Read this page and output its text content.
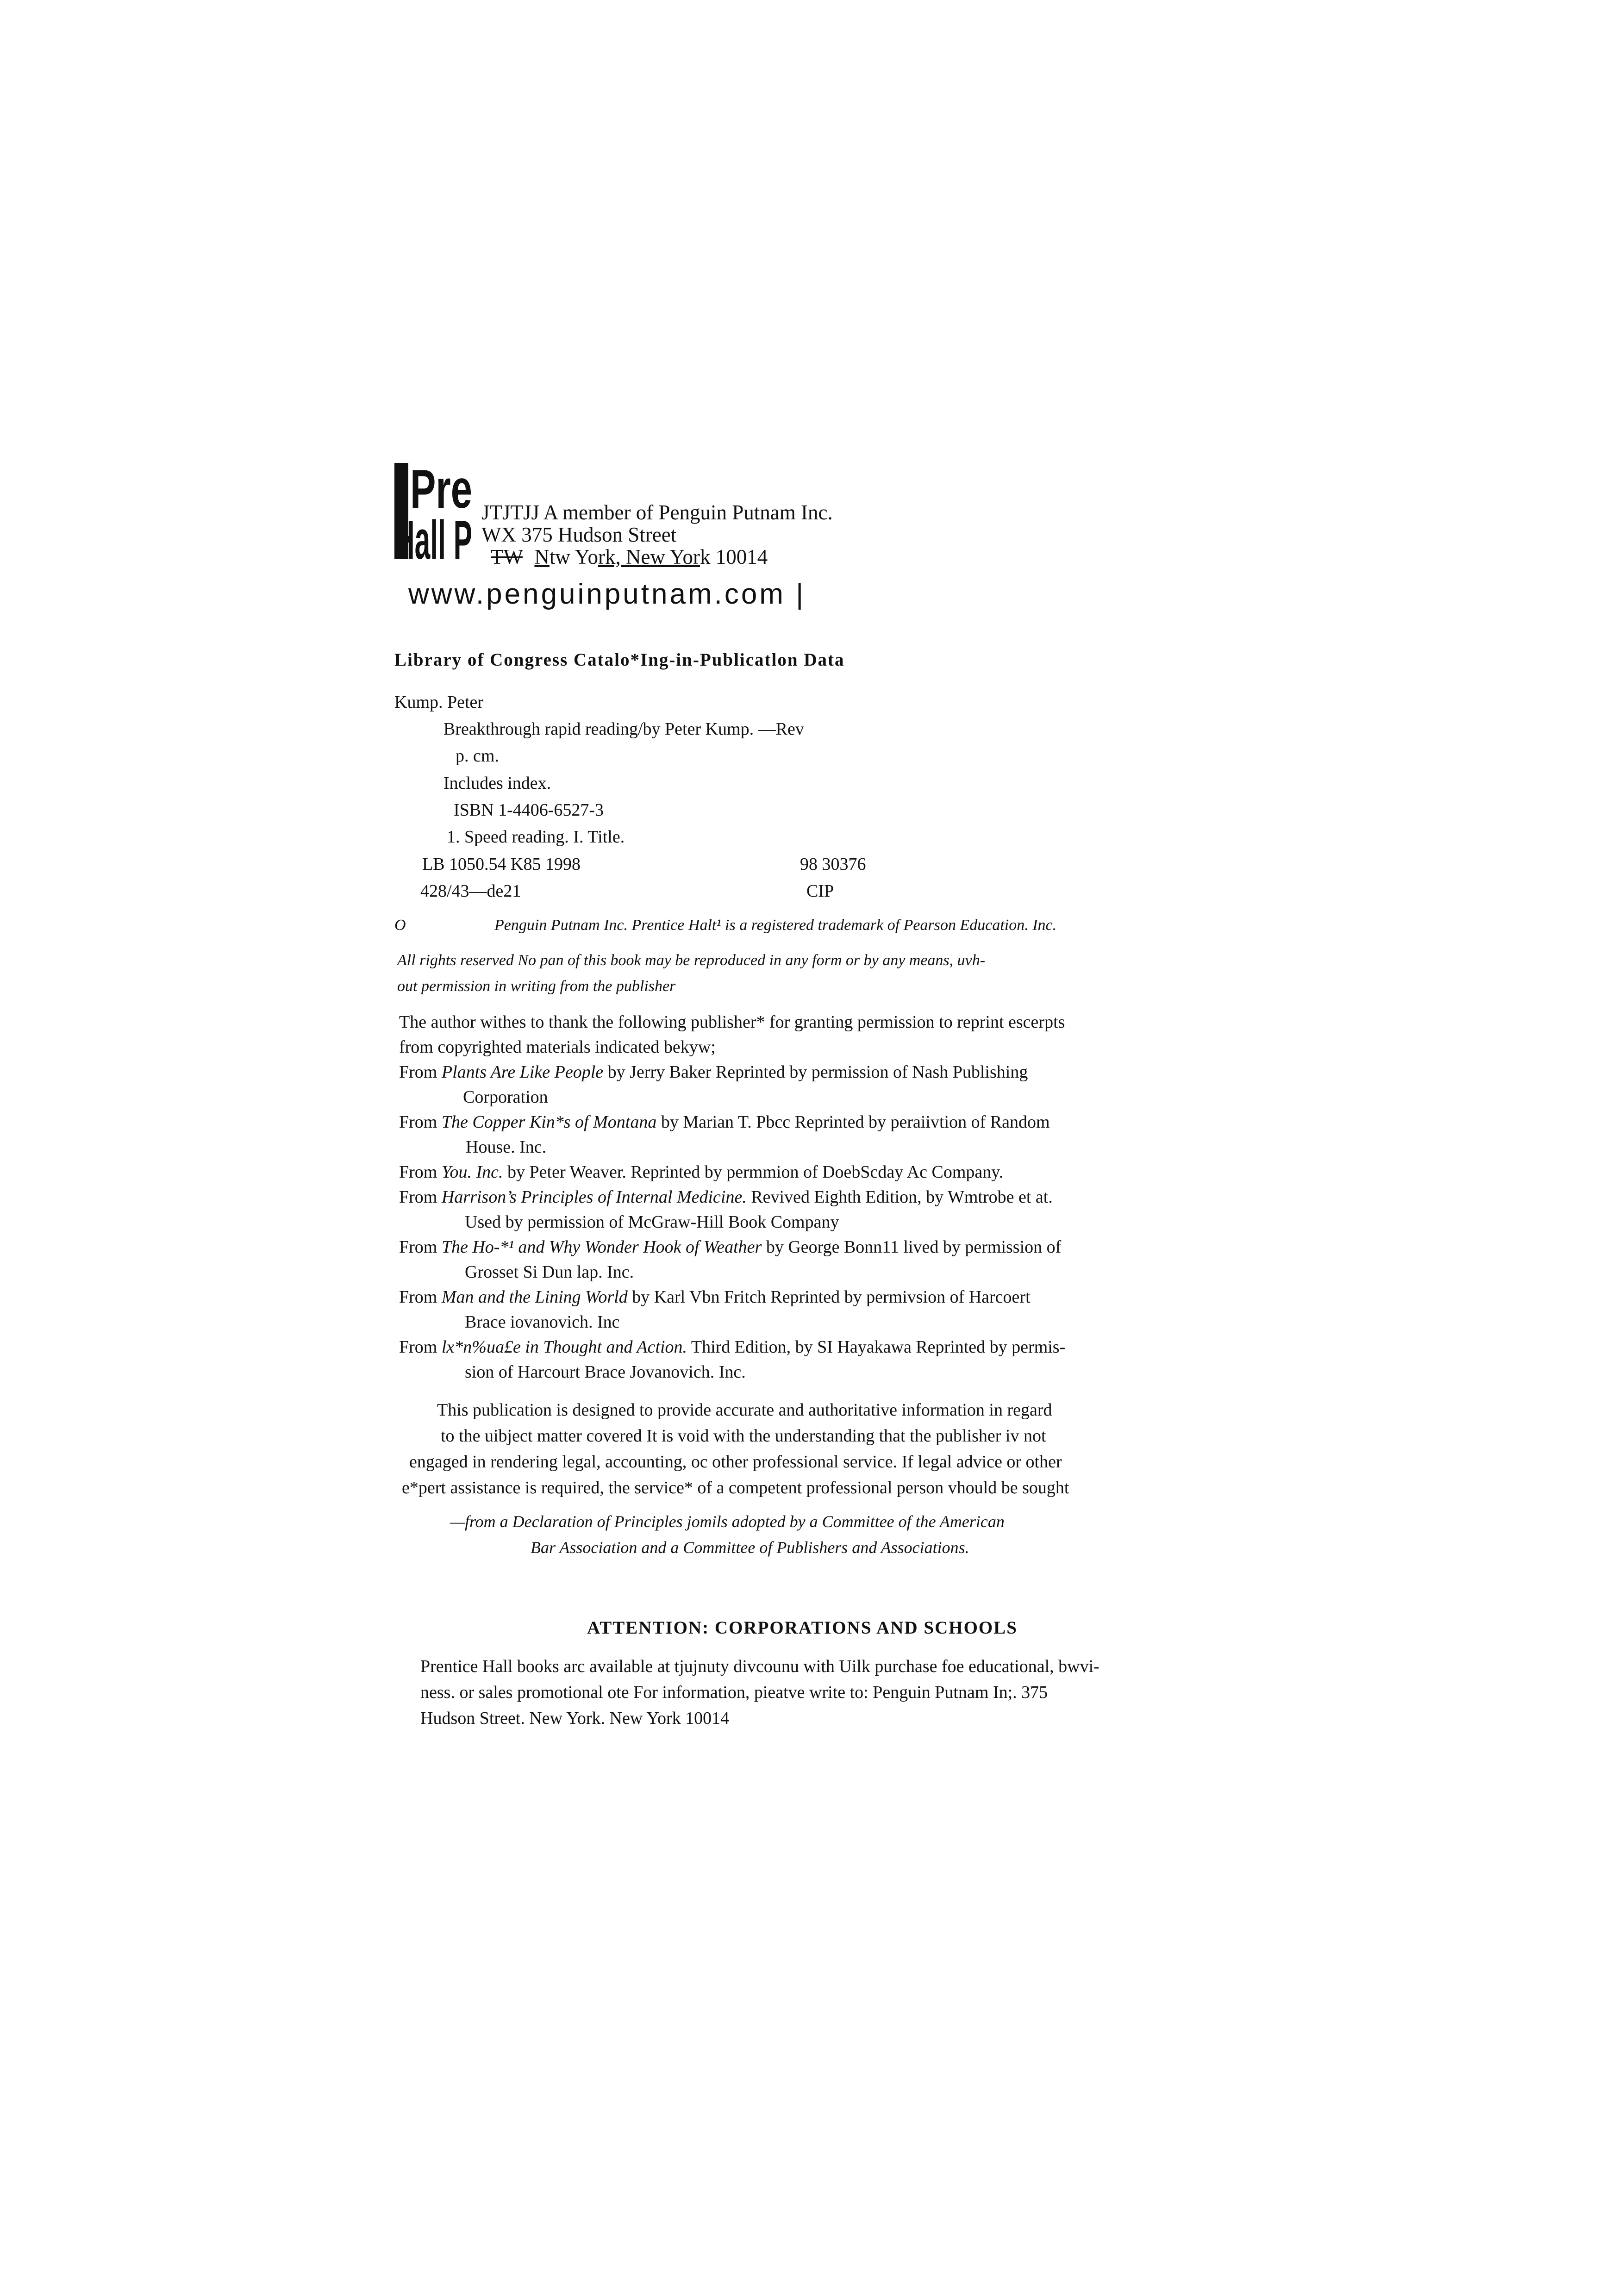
Pre
Hall P JTJTJJ A member of Penguin Putnam Inc.
WX 375 Hudson Street
TW Ntw York, New York 10014
www.penguinputnam.com |
Library of Congress Catalo*Ing-in-Publicatlon Data
Kump. Peter
Breakthrough rapid reading/by Peter Kump. —Rev
p. cm.
Includes index.
ISBN 1-4406-6527-3
1. Speed reading. I. Title.
LB 1050.54 K85 1998	98 30376
428/43—de21	CIP
O	Penguin Putnam Inc. Prentice Halt¹ is a registered trademark of Pearson Education. Inc.
All rights reserved No pan of this book may be reproduced in any form or by any means, uvh-
out permission in writing from the publisher
The author withes to thank the following publisher* for granting permission to reprint escerpts
from copyrighted materials indicated bekyw;
From Plants Are Like People by Jerry Baker Reprinted by permission of Nash Publishing
Corporation
From The Copper Kin*s of Montana by Marian T. Pbcc Reprinted by peraiivtion of Random
House. Inc.
From You. Inc. by Peter Weaver. Reprinted by permmion of DoebScday Ac Company.
From Harrison’s Principles of Internal Medicine. Revived Eighth Edition, by Wmtrobe et at.
Used by permission of McGraw-Hill Book Company
From The Ho-*¹ and Why Wonder Hook of Weather by George Bonn11 lived by permission of
Grosset Si Dun lap. Inc.
From Man and the Lining World by Karl Vbn Fritch Reprinted by permivsion of Harcoert
Brace iovanovich. Inc
From lx*n%ua£e in Thought and Action. Third Edition, by SI Hayakawa Reprinted by permis-
sion of Harcourt Brace Jovanovich. Inc.
This publication is designed to provide accurate and authoritative information in regard
to the uibject matter covered It is void with the understanding that the publisher iv not
engaged in rendering legal, accounting, oc other professional service. If legal advice or other
e*pert assistance is required, the service* of a competent professional person vhould be sought
—from a Declaration of Principles jomils adopted by a Committee of the American
Bar Association and a Committee of Publishers and Associations.
ATTENTION: CORPORATIONS AND SCHOOLS
Prentice Hall books arc available at tjujnuty divcounu with Uilk purchase foe educational, bwvi-
ness. or sales promotional ote For information, pieatve write to: Penguin Putnam In;. 375
Hudson Street. New York. New York 10014
